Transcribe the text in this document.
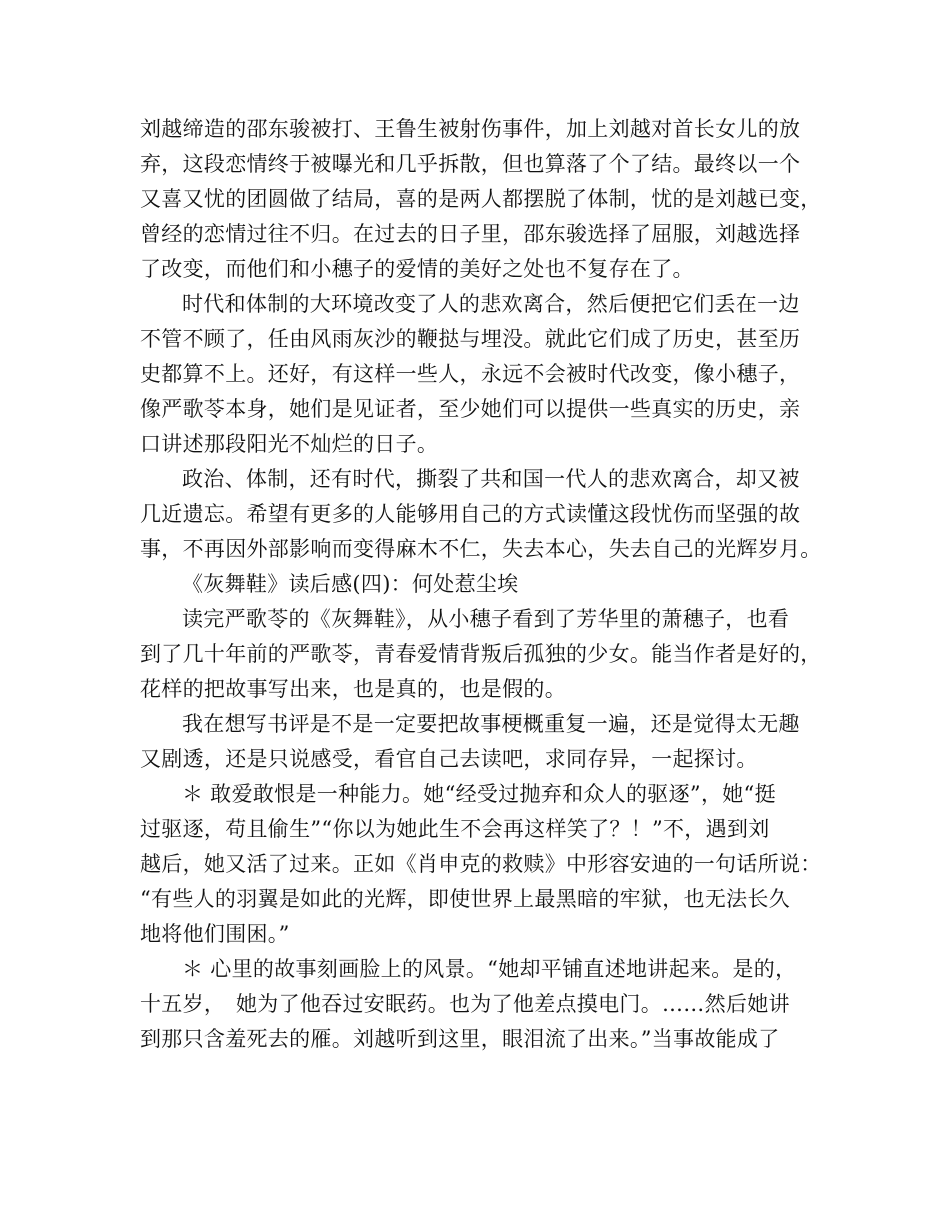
刘越缔造的邵东骏被打、王鲁生被射伤事件，加上刘越对首长女儿的放
弃，这段恋情终于被曝光和几乎拆散，但也算落了个了结。最终以一个
又喜又忧的团圆做了结局，喜的是两人都摆脱了体制，忧的是刘越已变，
曾经的恋情过往不归。在过去的日子里，邵东骏选择了屈服，刘越选择
了改变，而他们和小穗子的爱情的美好之处也不复存在了。
时代和体制的大环境改变了人的悲欢离合，然后便把它们丢在一边
不管不顾了，任由风雨灰沙的鞭挞与埋没。就此它们成了历史，甚至历
史都算不上。还好，有这样一些人，永远不会被时代改变，像小穗子，
像严歌苓本身，她们是见证者，至少她们可以提供一些真实的历史，亲
口讲述那段阳光不灿烂的日子。
政治、体制，还有时代，撕裂了共和国一代人的悲欢离合，却又被
几近遗忘。希望有更多的人能够用自己的方式读懂这段忧伤而坚强的故
事，不再因外部影响而变得麻木不仁，失去本心，失去自己的光辉岁月。
《灰舞鞋》读后感(四)：何处惹尘埃
读完严歌苓的《灰舞鞋》，从小穗子看到了芳华里的萧穗子，也看
到了几十年前的严歌苓，青春爱情背叛后孤独的少女。能当作者是好的，
花样的把故事写出来，也是真的，也是假的。
我在想写书评是不是一定要把故事梗概重复一遍，还是觉得太无趣
又剧透，还是只说感受，看官自己去读吧，求同存异，一起探讨。
＊ 敢爱敢恨是一种能力。她“经受过抛弃和众人的驱逐”，她“挺
过驱逐，苟且偷生”“你以为她此生不会再这样笑了？！”不，遇到刘
越后，她又活了过来。正如《肖申克的救赎》中形容安迪的一句话所说：
“有些人的羽翼是如此的光辉，即使世界上最黑暗的牢狱，也无法长久
地将他们围困。”
＊ 心里的故事刻画脸上的风景。“她却平铺直述地讲起来。是的，
十五岁，　她为了他吞过安眠药。也为了他差点摸电门。……然后她讲
到那只含羞死去的雁。刘越听到这里，眼泪流了出来。”当事故能成了
